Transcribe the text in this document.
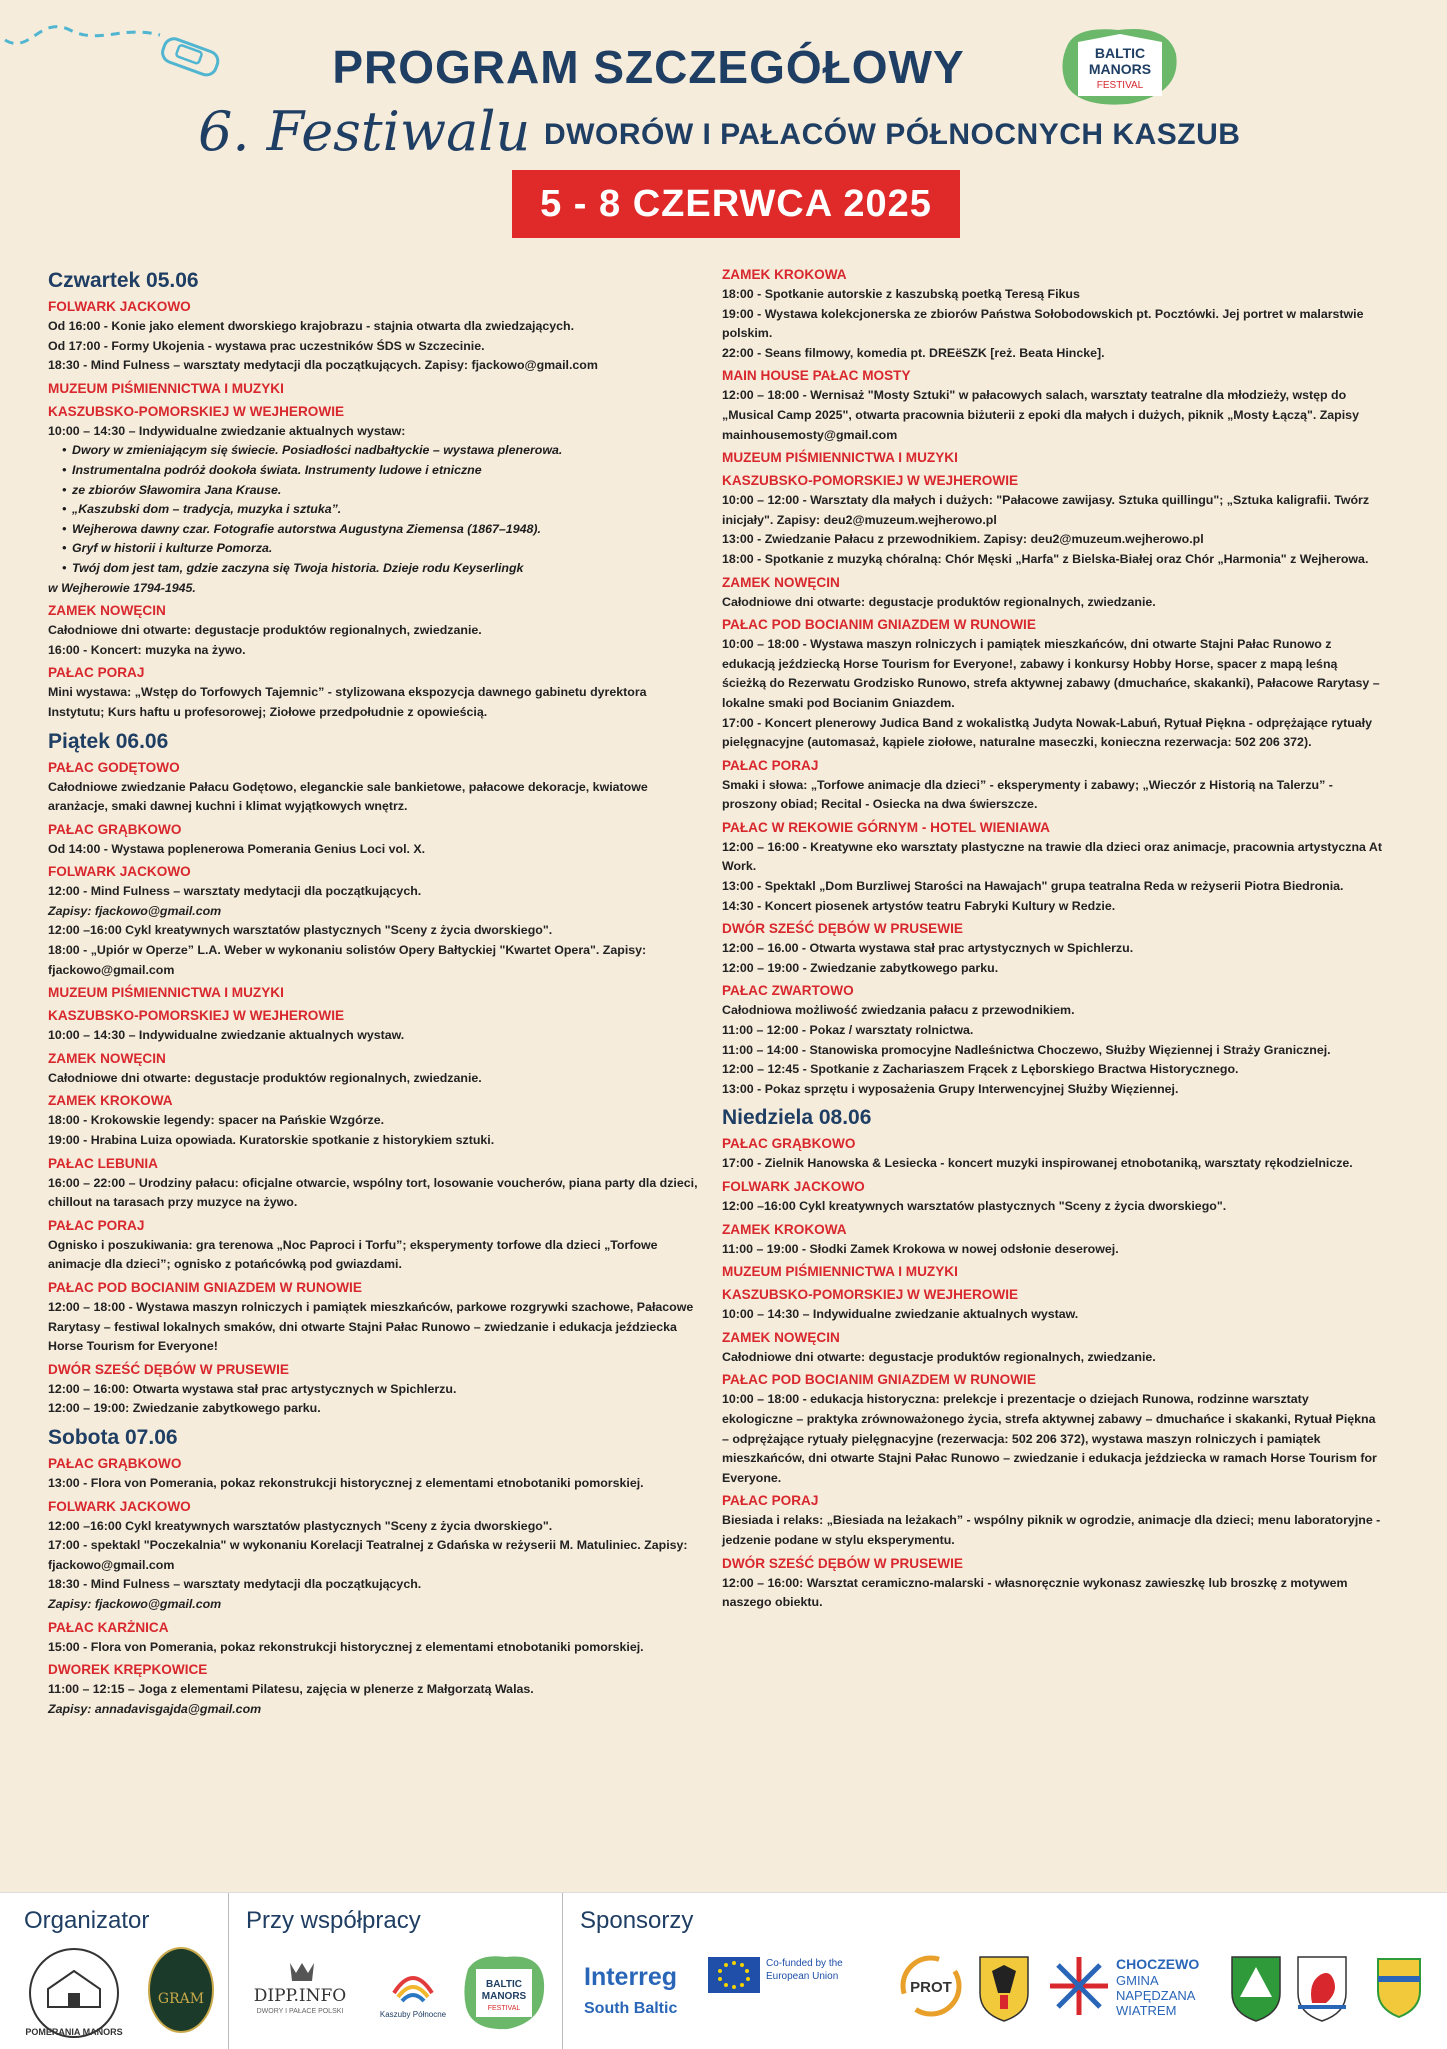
PROGRAM SZCZEGÓŁOWY	BALTIC
MANORS
FESTIVAL
6. Festiwalu DWORÓW I PAŁACÓW PÓŁNOCNYCH KASZUB
5 - 8 CZERWCA 2025
Czwartek 05.06
FOLWARK JACKOWO
Od 16:00 - Konie jako element dworskiego krajobrazu - stajnia otwarta dla zwiedzających.
Od 17:00 - Formy Ukojenia - wystawa prac uczestników ŚDS w Szczecinie.
18:30 - Mind Fulness – warsztaty medytacji dla początkujących. Zapisy: fjackowo@gmail.com
MUZEUM PIŚMIENNICTWA I MUZYKI
KASZUBSKO-POMORSKIEJ W WEJHEROWIE
10:00 – 14:30 – Indywidualne zwiedzanie aktualnych wystaw:
• Dwory w zmieniającym się świecie. Posiadłości nadbałtyckie – wystawa plenerowa.
• Instrumentalna podróż dookoła świata. Instrumenty ludowe i etniczne
• ze zbiorów Sławomira Jana Krause.
• „Kaszubski dom – tradycja, muzyka i sztuka”.
• Wejherowa dawny czar. Fotografie autorstwa Augustyna Ziemensa (1867–1948).
• Gryf w historii i kulturze Pomorza.
• Twój dom jest tam, gdzie zaczyna się Twoja historia. Dzieje rodu Keyserlingk
w Wejherowie 1794-1945.
ZAMEK NOWĘCIN
Całodniowe dni otwarte: degustacje produktów regionalnych, zwiedzanie.
16:00 - Koncert: muzyka na żywo.
PAŁAC PORAJ
Mini wystawa: „Wstęp do Torfowych Tajemnic” - stylizowana ekspozycja dawnego gabinetu dyrektora Instytutu; Kurs haftu u profesorowej; Ziołowe przedpołudnie z opowieścią.
Piątek 06.06
PAŁAC GODĘTOWO
Całodniowe zwiedzanie Pałacu Godętowo, eleganckie sale bankietowe, pałacowe dekoracje, kwiatowe aranżacje, smaki dawnej kuchni i klimat wyjątkowych wnętrz.
PAŁAC GRĄBKOWO
Od 14:00 - Wystawa poplenerowa Pomerania Genius Loci vol. X.
FOLWARK JACKOWO
12:00 - Mind Fulness – warsztaty medytacji dla początkujących.
Zapisy: fjackowo@gmail.com
12:00 –16:00 Cykl kreatywnych warsztatów plastycznych "Sceny z życia dworskiego".
18:00 - „Upiór w Operze” L.A. Weber w wykonaniu solistów Opery Bałtyckiej "Kwartet Opera". Zapisy: fjackowo@gmail.com
MUZEUM PIŚMIENNICTWA I MUZYKI
KASZUBSKO-POMORSKIEJ W WEJHEROWIE
10:00 – 14:30 – Indywidualne zwiedzanie aktualnych wystaw.
ZAMEK NOWĘCIN
Całodniowe dni otwarte: degustacje produktów regionalnych, zwiedzanie.
ZAMEK KROKOWA
18:00 - Krokowskie legendy: spacer na Pańskie Wzgórze.
19:00 - Hrabina Luiza opowiada. Kuratorskie spotkanie z historykiem sztuki.
PAŁAC LEBUNIA
16:00 – 22:00 – Urodziny pałacu: oficjalne otwarcie, wspólny tort, losowanie voucherów, piana party dla dzieci, chillout na tarasach przy muzyce na żywo.
PAŁAC PORAJ
Ognisko i poszukiwania: gra terenowa „Noc Paproci i Torfu”; eksperymenty torfowe dla dzieci „Torfowe animacje dla dzieci”; ognisko z potańcówką pod gwiazdami.
PAŁAC POD BOCIANIM GNIAZDEM W RUNOWIE
12:00 – 18:00 - Wystawa maszyn rolniczych i pamiątek mieszkańców, parkowe rozgrywki szachowe, Pałacowe Rarytasy – festiwal lokalnych smaków, dni otwarte Stajni Pałac Runowo – zwiedzanie i edukacja jeździecka Horse Tourism for Everyone!
DWÓR SZEŚĆ DĘBÓW W PRUSEWIE
12:00 – 16:00: Otwarta wystawa stał prac artystycznych w Spichlerzu.
12:00 – 19:00: Zwiedzanie zabytkowego parku.
Sobota 07.06
PAŁAC GRĄBKOWO
13:00 - Flora von Pomerania, pokaz rekonstrukcji historycznej z elementami etnobotaniki pomorskiej.
FOLWARK JACKOWO
12:00 –16:00 Cykl kreatywnych warsztatów plastycznych "Sceny z życia dworskiego".
17:00 - spektakl "Poczekalnia" w wykonaniu Korelacji Teatralnej z Gdańska w reżyserii M. Matuliniec. Zapisy: fjackowo@gmail.com
18:30 - Mind Fulness – warsztaty medytacji dla początkujących.
Zapisy: fjackowo@gmail.com
PAŁAC KARŻNICA
15:00 - Flora von Pomerania, pokaz rekonstrukcji historycznej z elementami etnobotaniki pomorskiej.
DWOREK KRĘPKOWICE
11:00 – 12:15 – Joga z elementami Pilatesu, zajęcia w plenerze z Małgorzatą Walas.
Zapisy: annadavisgajda@gmail.com
ZAMEK KROKOWA
18:00 - Spotkanie autorskie z kaszubską poetką Teresą Fikus
19:00 - Wystawa kolekcjonerska ze zbiorów Państwa Sołobodowskich pt. Pocztówki. Jej portret w malarstwie polskim.
22:00 - Seans filmowy, komedia pt. DREëSZK [reż. Beata Hincke].
MAIN HOUSE PAŁAC MOSTY
12:00 – 18:00 - Wernisaż "Mosty Sztuki" w pałacowych salach, warsztaty teatralne dla młodzieży, wstęp do „Musical Camp 2025", otwarta pracownia biżuterii z epoki dla małych i dużych, piknik „Mosty Łączą". Zapisy mainhousemosty@gmail.com
MUZEUM PIŚMIENNICTWA I MUZYKI
KASZUBSKO-POMORSKIEJ W WEJHEROWIE
10:00 – 12:00 - Warsztaty dla małych i dużych: "Pałacowe zawijasy. Sztuka quillingu"; „Sztuka kaligrafii. Twórz inicjały". Zapisy: deu2@muzeum.wejherowo.pl
13:00 - Zwiedzanie Pałacu z przewodnikiem. Zapisy: deu2@muzeum.wejherowo.pl
18:00 - Spotkanie z muzyką chóralną: Chór Męski „Harfa" z Bielska-Białej oraz Chór „Harmonia" z Wejherowa.
ZAMEK NOWĘCIN
Całodniowe dni otwarte: degustacje produktów regionalnych, zwiedzanie.
PAŁAC POD BOCIANIM GNIAZDEM W RUNOWIE
10:00 – 18:00 - Wystawa maszyn rolniczych i pamiątek mieszkańców, dni otwarte Stajni Pałac Runowo z edukacją jeździecką Horse Tourism for Everyone!, zabawy i konkursy Hobby Horse, spacer z mapą leśną ścieżką do Rezerwatu Grodzisko Runowo, strefa aktywnej zabawy (dmuchańce, skakanki), Pałacowe Rarytasy – lokalne smaki pod Bocianim Gniazdem.
17:00 - Koncert plenerowy Judica Band z wokalistką Judyta Nowak-Labuń, Rytuał Piękna - odprężające rytuały pielęgnacyjne (automasaż, kąpiele ziołowe, naturalne maseczki, konieczna rezerwacja: 502 206 372).
PAŁAC PORAJ
Smaki i słowa: „Torfowe animacje dla dzieci” - eksperymenty i zabawy; „Wieczór z Historią na Talerzu” - proszony obiad; Recital - Osiecka na dwa świerszcze.
PAŁAC W REKOWIE GÓRNYM - HOTEL WIENIAWA
12:00 – 16:00 - Kreatywne eko warsztaty plastyczne na trawie dla dzieci oraz animacje, pracownia artystyczna At Work.
13:00 - Spektakl „Dom Burzliwej Starości na Hawajach" grupa teatralna Reda w reżyserii Piotra Biedronia.
14:30 - Koncert piosenek artystów teatru Fabryki Kultury w Redzie.
DWÓR SZEŚĆ DĘBÓW W PRUSEWIE
12:00 – 16.00 - Otwarta wystawa stał prac artystycznych w Spichlerzu.
12:00 – 19:00 - Zwiedzanie zabytkowego parku.
PAŁAC ZWARTOWO
Całodniowa możliwość zwiedzania pałacu z przewodnikiem.
11:00 – 12:00 - Pokaz / warsztaty rolnictwa.
11:00 – 14:00 - Stanowiska promocyjne Nadleśnictwa Choczewo, Służby Więziennej i Straży Granicznej.
12:00 – 12:45 - Spotkanie z Zachariaszem Frącek z Lęborskiego Bractwa Historycznego.
13:00 - Pokaz sprzętu i wyposażenia Grupy Interwencyjnej Służby Więziennej.
Niedziela 08.06
PAŁAC GRĄBKOWO
17:00 - Zielnik Hanowska & Lesiecka - koncert muzyki inspirowanej etnobotaniką, warsztaty rękodzielnicze.
FOLWARK JACKOWO
12:00 –16:00 Cykl kreatywnych warsztatów plastycznych "Sceny z życia dworskiego".
ZAMEK KROKOWA
11:00 – 19:00 - Słodki Zamek Krokowa w nowej odsłonie deserowej.
MUZEUM PIŚMIENNICTWA I MUZYKI
KASZUBSKO-POMORSKIEJ W WEJHEROWIE
10:00 – 14:30 – Indywidualne zwiedzanie aktualnych wystaw.
ZAMEK NOWĘCIN
Całodniowe dni otwarte: degustacje produktów regionalnych, zwiedzanie.
PAŁAC POD BOCIANIM GNIAZDEM W RUNOWIE
10:00 – 18:00 - edukacja historyczna: prelekcje i prezentacje o dziejach Runowa, rodzinne warsztaty ekologiczne – praktyka zrównoważonego życia, strefa aktywnej zabawy – dmuchańce i skakanki, Rytuał Piękna – odprężające rytuały pielęgnacyjne (rezerwacja: 502 206 372), wystawa maszyn rolniczych i pamiątek mieszkańców, dni otwarte Stajni Pałac Runowo – zwiedzanie i edukacja jeździecka w ramach Horse Tourism for Everyone.
PAŁAC PORAJ
Biesiada i relaks: „Biesiada na leżakach” - wspólny piknik w ogrodzie, animacje dla dzieci; menu laboratoryjne - jedzenie podane w stylu eksperymentu.
DWÓR SZEŚĆ DĘBÓW W PRUSEWIE
12:00 – 16:00: Warsztat ceramiczno-malarski - własnoręcznie wykonasz zawieszkę lub broszkę z motywem naszego obiektu.
Organizator	Przy współpracy	Sponsorzy
POMERANIA MANORS
GRAM	DIPP.INFO
DWORY I PAŁACE POLSKI	Kaszuby Północne
BALTIC
MANORS
FESTIVAL
Interreg
South Baltic
Co-funded by the European Union
PROT
CHOCZEWO
GMINA
NAPĘDZANA
WIATREM
